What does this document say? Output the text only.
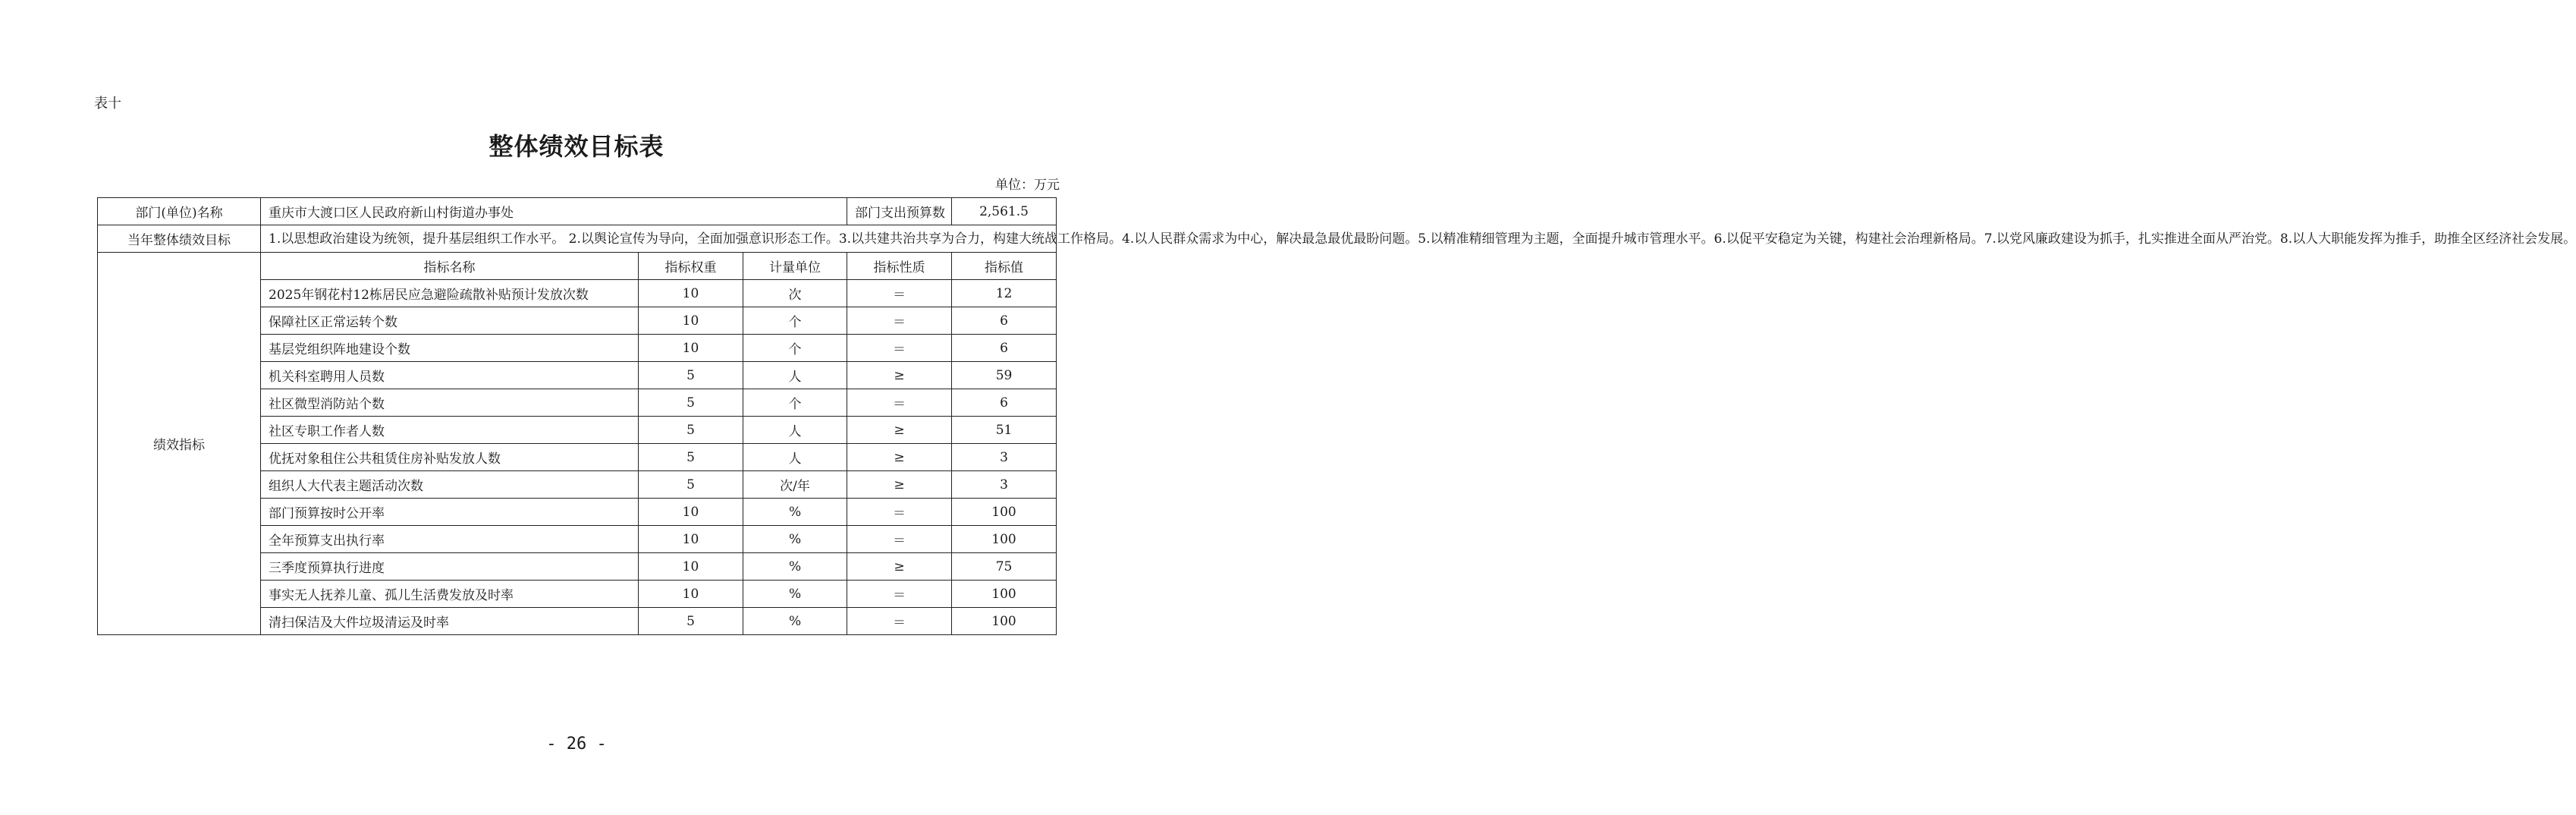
表十
整体绩效目标表
单位：万元
部门(单位)名称	重庆市大渡口区人民政府新山村街道办事处			部门支出预算数	2,561.5
当年整体绩效目标	1.以思想政治建设为统领，提升基层组织工作水平。 2.以舆论宣传为导向，全面加强意识形态工作。3.以共建共治共享为合力，构建大统战工作格局。4.以人民群众需求为中心，解决最急最优最盼问题。5.以精准精细管理为主题，全面提升城市管理水平。6.以促平安稳定为关键，构建社会治理新格局。7.以党风廉政建设为抓手，扎实推进全面从严治党。8.以人大职能发挥为推手，助推全区经济社会发展。				
绩效指标	指标名称	指标权重	计量单位	指标性质	指标值
	2025年钢花村12栋居民应急避险疏散补贴预计发放次数	10	次	＝	12
	保障社区正常运转个数	10	个	＝	6
	基层党组织阵地建设个数	10	个	＝	6
	机关科室聘用人员数	5	人	≥	59
	社区微型消防站个数	5	个	＝	6
	社区专职工作者人数	5	人	≥	51
	优抚对象租住公共租赁住房补贴发放人数	5	人	≥	3
	组织人大代表主题活动次数	5	次/年	≥	3
	部门预算按时公开率	10	%	＝	100
	全年预算支出执行率	10	%	＝	100
	三季度预算执行进度	10	%	≥	75
	事实无人抚养儿童、孤儿生活费发放及时率	10	%	＝	100
	清扫保洁及大件垃圾清运及时率	5	%	＝	100
- 26 -
